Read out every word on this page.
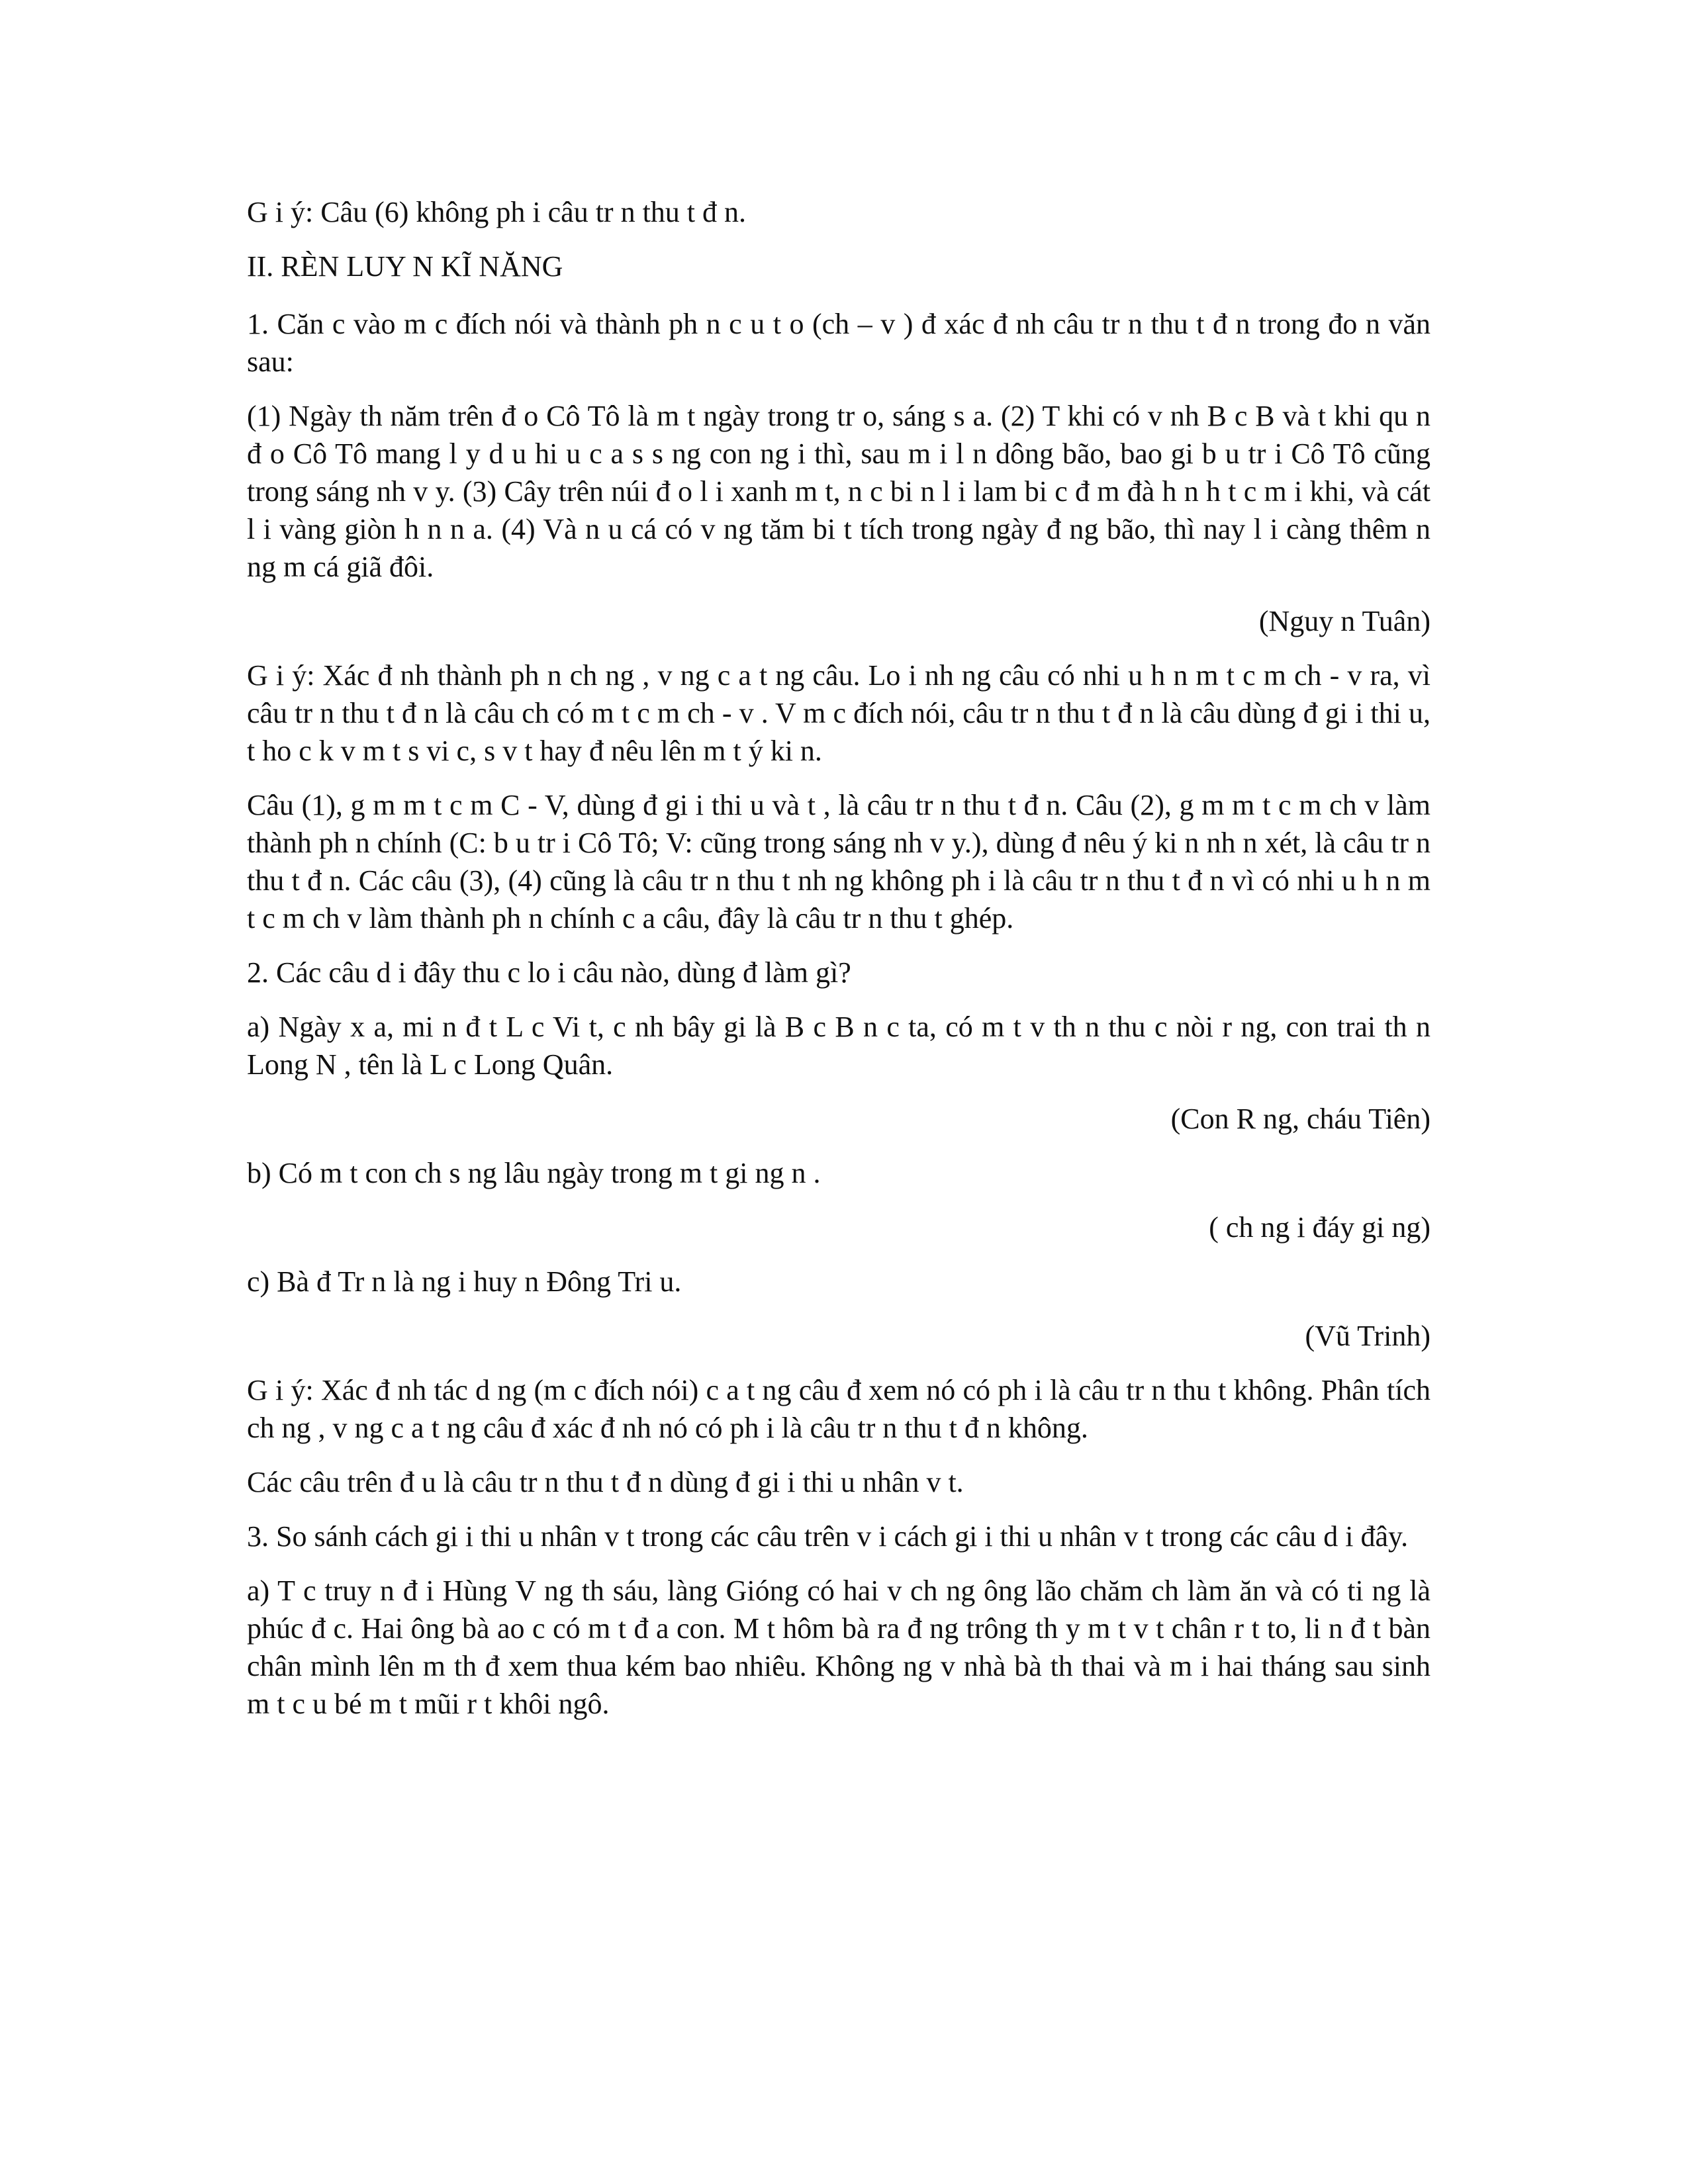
G i ý: Câu (6) không ph i câu tr n thu t đ n.

II. RÈN LUY N KĨ NĂNG

1. Căn c vào m c đích nói và thành ph n c u t o (ch – v ) đ xác đ nh câu tr n thu t đ n trong đo n văn sau:

(1) Ngày th năm trên đ o Cô Tô là m t ngày trong tr o, sáng s a. (2) T khi có v nh B c B và t khi qu n đ o Cô Tô mang l y d u hi u c a s s ng con ng i thì, sau m i l n dông bão, bao gi b u tr i Cô Tô cũng trong sáng nh v y. (3) Cây trên núi đ o l i xanh m t, n c bi n l i lam bi c đ m đà h n h t c m i khi, và cát l i vàng giòn h n n a. (4) Và n u cá có v ng tăm bi t tích trong ngày đ ng bão, thì nay l i càng thêm n ng m cá giã đôi.

(Nguy n Tuân)

G i ý: Xác đ nh thành ph n ch ng , v ng c a t ng câu. Lo i nh ng câu có nhi u h n m t c m ch - v ra, vì câu tr n thu t đ n là câu ch có m t c m ch - v . V m c đích nói, câu tr n thu t đ n là câu dùng đ gi i thi u, t ho c k v m t s vi c, s v t hay đ nêu lên m t ý ki n.

Câu (1), g m m t c m C - V, dùng đ gi i thi u và t , là câu tr n thu t đ n. Câu (2), g m m t c m ch v làm thành ph n chính (C: b u tr i Cô Tô; V: cũng trong sáng nh v y.), dùng đ nêu ý ki n nh n xét, là câu tr n thu t đ n. Các câu (3), (4) cũng là câu tr n thu t nh ng không ph i là câu tr n thu t đ n vì có nhi u h n m t c m ch v làm thành ph n chính c a câu, đây là câu tr n thu t ghép.

2. Các câu d i đây thu c lo i câu nào, dùng đ làm gì?

a) Ngày x a, mi n đ t L c Vi t, c nh bây gi là B c B n c ta, có m t v th n thu c nòi r ng, con trai th n Long N , tên là L c Long Quân.

(Con R ng, cháu Tiên)

b) Có m t con ch s ng lâu ngày trong m t gi ng n .

( ch ng i đáy gi ng)

c) Bà đ Tr n là ng i huy n Đông Tri u.

(Vũ Trinh)

G i ý: Xác đ nh tác d ng (m c đích nói) c a t ng câu đ xem nó có ph i là câu tr n thu t không. Phân tích ch ng , v ng c a t ng câu đ xác đ nh nó có ph i là câu tr n thu t đ n không.

Các câu trên đ u là câu tr n thu t đ n dùng đ gi i thi u nhân v t.

3. So sánh cách gi i thi u nhân v t trong các câu trên v i cách gi i thi u nhân v t trong các câu d i đây.

a) T c truy n đ i Hùng V ng th sáu, làng Gióng có hai v ch ng ông lão chăm ch làm ăn và có ti ng là phúc đ c. Hai ông bà ao c có m t đ a con. M t hôm bà ra đ ng trông th y m t v t chân r t to, li n đ t bàn chân mình lên m th đ xem thua kém bao nhiêu. Không ng v nhà bà th thai và m i hai tháng sau sinh m t c u bé m t mũi r t khôi ngô.
